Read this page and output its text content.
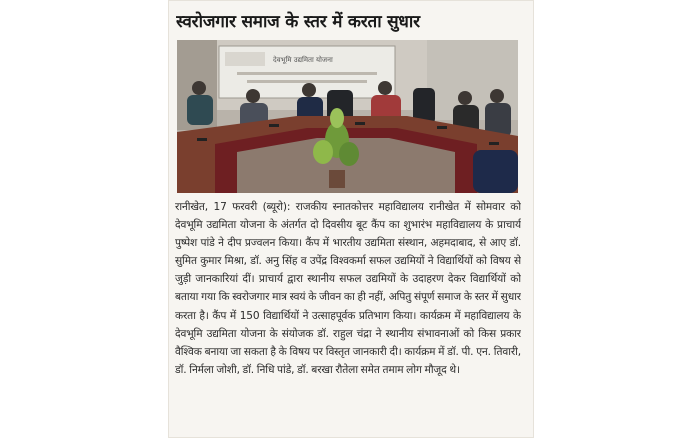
स्वरोजगार समाज के स्तर में करता सुधार
देवभूमि उद्यमिता योजना
रानीखेत, 17 फरवरी (ब्यूरो): राजकीय स्नातकोत्तर महाविद्यालय रानीखेत में सोमवार को देवभूमि उद्यमिता योजना के अंतर्गत दो दिवसीय बूट कैंप का शुभारंभ महाविद्यालय के प्राचार्य पुष्पेश पांडे ने दीप प्रज्वलन किया। कैंप में भारतीय उद्यमिता संस्थान, अहमदाबाद, से आए डॉ. सुमित कुमार मिश्रा, डॉ. अनु सिंह व उपेंद्र विश्वकर्मा सफल उद्यमियों ने विद्यार्थियों को विषय से जुड़ी जानकारियां दीं। प्राचार्य द्वारा स्थानीय सफल उद्यमियों के उदाहरण देकर विद्यार्थियों को बताया गया कि स्वरोजगार मात्र स्वयं के जीवन का ही नहीं, अपितु संपूर्ण समाज के स्तर में सुधार करता है। कैंप में 150 विद्यार्थियों ने उत्साहपूर्वक प्रतिभाग किया। कार्यक्रम में महाविद्यालय के देवभूमि उद्यमिता योजना के संयोजक डॉ. राहुल चंद्रा ने स्थानीय संभावनाओं को किस प्रकार वैश्विक बनाया जा सकता है के विषय पर विस्तृत जानकारी दी। कार्यक्रम में डॉ. पी. एन. तिवारी, डॉ. निर्मला जोशी, डॉ. निधि पांडे, डॉ. बरखा रौतेला समेत तमाम लोग मौजूद थे।
